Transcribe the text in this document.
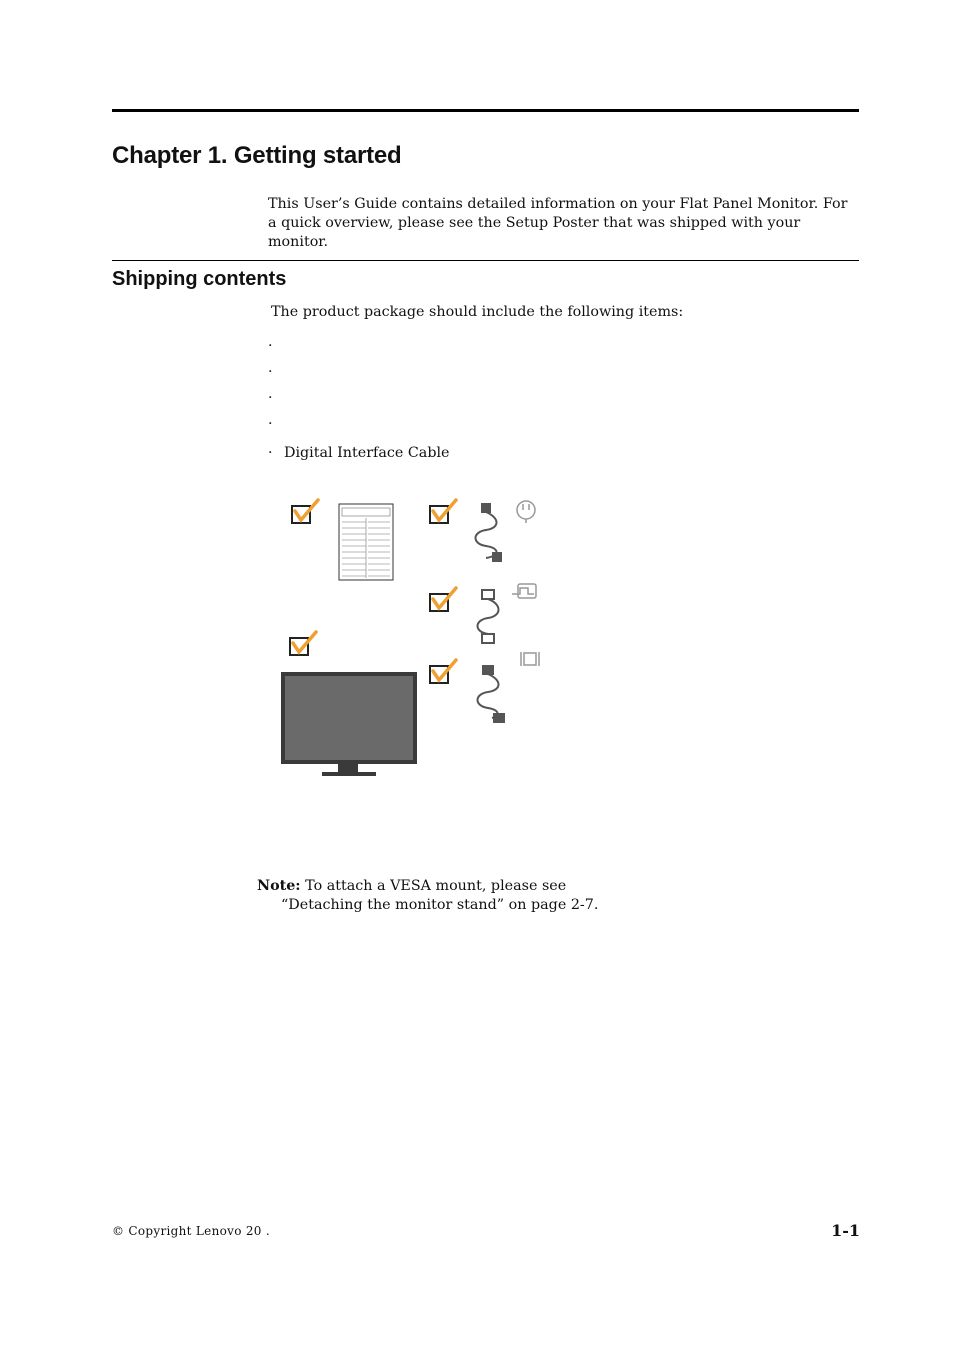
Chapter 1. Getting started

This User’s Guide contains detailed information on your Flat Panel Monitor. For a quick overview, please see the Setup Poster that was shipped with your monitor.

Shipping contents
The product package should include the following items:
·
·
·
·
· Digital Interface Cable
Note: To attach a VESA mount, please see
“Detaching the monitor stand” on page 2-7.
© Copyright Lenovo 20 .	1-1
